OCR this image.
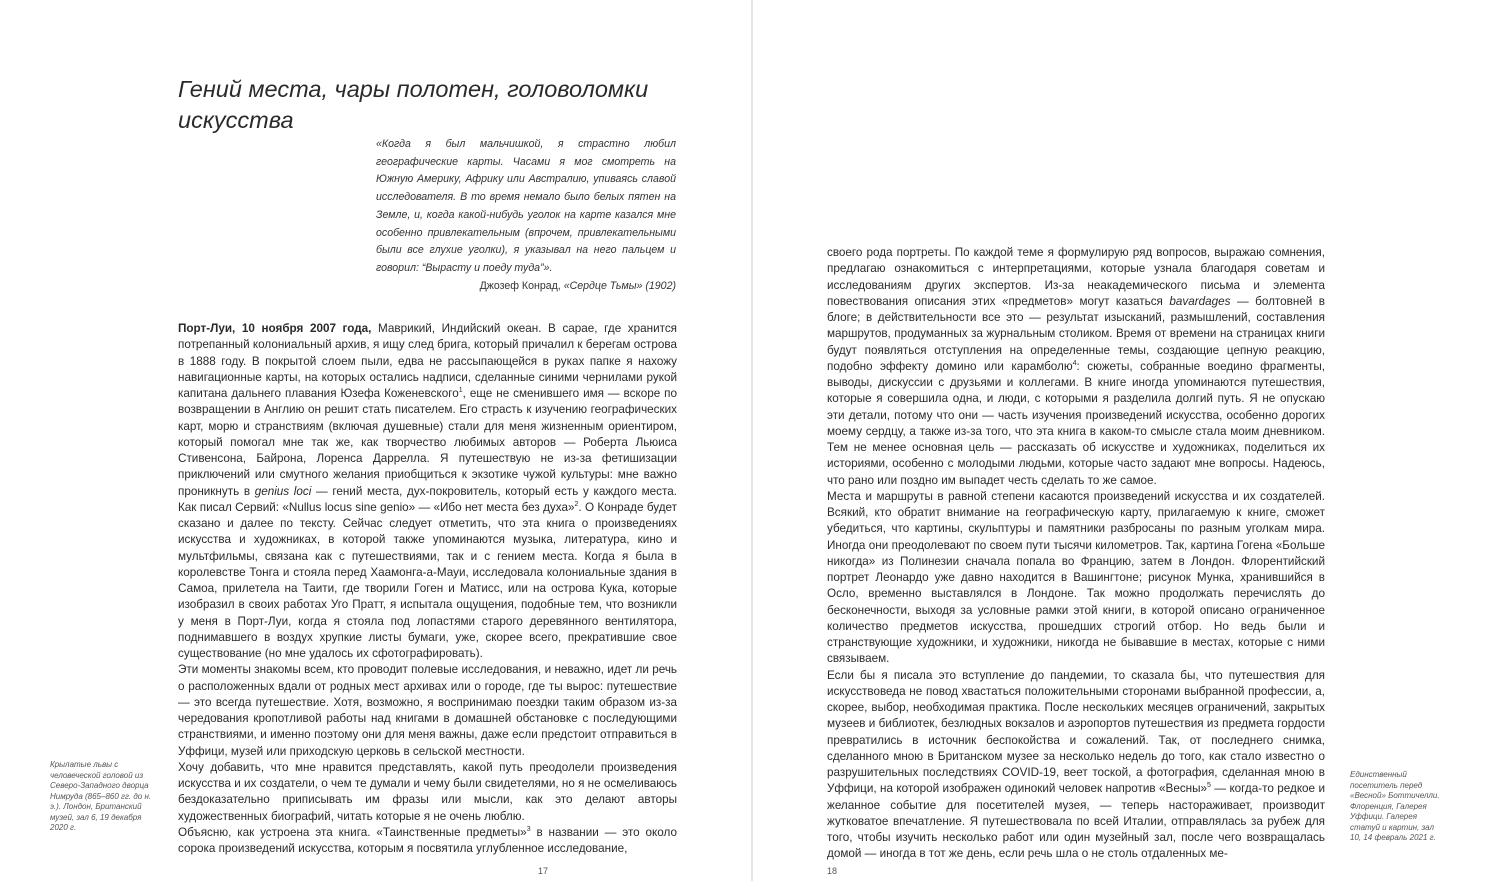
Гений места, чары полотен, головоломки искусства
«Когда я был мальчишкой, я страстно любил географические карты. Часами я мог смотреть на Южную Америку, Африку или Австралию, упиваясь славой исследователя. В то время немало было белых пятен на Земле, и, когда какой-нибудь уголок на карте казался мне особенно привлекательным (впрочем, привлекательными были все глухие уголки), я указывал на него пальцем и говорил: “Вырасту и поеду туда”».
Джозеф Конрад, «Сердце Тьмы» (1902)

Порт-Луи, 10 ноября 2007 года, Маврикий, Индийский океан. В сарае, где хранится потрепанный колониальный архив, я ищу след брига, который причалил к берегам острова в 1888 году. В покрытой слоем пыли, едва не рассыпающейся в руках папке я нахожу навигационные карты, на которых остались надписи, сделанные синими чернилами рукой капитана дальнего плавания Юзефа Коженевского$^1$, еще не сменившего имя — вскоре по возвращении в Англию он решит стать писателем. Его страсть к изучению географических карт, морю и странствиям (включая душевные) стали для меня жизненным ориентиром, который помогал мне так же, как творчество любимых авторов — Роберта Льюиса Стивенсона, Байрона, Лоренса Даррелла. Я путешествую не из-за фетишизации приключений или смутного желания приобщиться к экзотике чужой культуры: мне важно проникнуть в genius loci — гений места, дух-покровитель, который есть у каждого места. Как писал Сервий: «Nullus locus sine genio» — «Ибо нет места без духа»$^2$. О Конраде будет сказано и далее по тексту. Сейчас следует отметить, что эта книга о произведениях искусства и художниках, в которой также упоминаются музыка, литература, кино и мультфильмы, связана как с путешествиями, так и с гением места. Когда я была в королевстве Тонга и стояла перед Хаамонга-а-Мауи, исследовала колониальные здания в Самоа, прилетела на Таити, где творили Гоген и Матисс, или на острова Кука, которые изобразил в своих работах Уго Пратт, я испытала ощущения, подобные тем, что возникли у меня в Порт-Луи, когда я стояла под лопастями старого деревянного вентилятора, поднимавшего в воздух хрупкие листы бумаги, уже, скорее всего, прекратившие свое существование (но мне удалось их сфотографировать).

Эти моменты знакомы всем, кто проводит полевые исследования, и неважно, идет ли речь о расположенных вдали от родных мест архивах или о городе, где ты вырос: путешествие — это всегда путешествие. Хотя, возможно, я воспринимаю поездки таким образом из-за чередования кропотливой работы над книгами в домашней обстановке с последующими странствиями, и именно поэтому они для меня важны, даже если предстоит отправиться в Уффици, музей или приходскую церковь в сельской местности.

Хочу добавить, что мне нравится представлять, какой путь преодолели произведения искусства и их создатели, о чем те думали и чему были свидетелями, но я не осмеливаюсь бездоказательно приписывать им фразы или мысли, как это делают авторы художественных биографий, читать которые я не очень люблю.

Объясню, как устроена эта книга. «Таинственные предметы»$^3$ в названии — это около сорока произведений искусства, которым я посвятила углубленное исследование,

Крылатые львы с человеческой головой из Северо-Западного дворца Нимруда (865–860 гг. до н. э.). Лондон, Британский музей, зал 6, 19 декабря 2020 г.
17

своего рода портреты. По каждой теме я формулирую ряд вопросов, выражаю сомнения, предлагаю ознакомиться с интерпретациями, которые узнала благодаря советам и исследованиям других экспертов. Из-за неакадемического письма и элемента повествования описания этих «предметов» могут казаться bavardages — болтовней в блоге; в действительности все это — результат изысканий, размышлений, составления маршрутов, продуманных за журнальным столиком. Время от времени на страницах книги будут появляться отступления на определенные темы, создающие цепную реакцию, подобно эффекту домино или карамболю$^4$: сюжеты, собранные воедино фрагменты, выводы, дискуссии с друзьями и коллегами. В книге иногда упоминаются путешествия, которые я совершила одна, и люди, с которыми я разделила долгий путь. Я не опускаю эти детали, потому что они — часть изучения произведений искусства, особенно дорогих моему сердцу, а также из-за того, что эта книга в каком-то смысле стала моим дневником. Тем не менее основная цель — рассказать об искусстве и художниках, поделиться их историями, особенно с молодыми людьми, которые часто задают мне вопросы. Надеюсь, что рано или поздно им выпадет честь сделать то же самое.

Места и маршруты в равной степени касаются произведений искусства и их создателей. Всякий, кто обратит внимание на географическую карту, прилагаемую к книге, сможет убедиться, что картины, скульптуры и памятники разбросаны по разным уголкам мира. Иногда они преодолевают по своем пути тысячи километров. Так, картина Гогена «Больше никогда» из Полинезии сначала попала во Францию, затем в Лондон. Флорентийский портрет Леонардо уже давно находится в Вашингтоне; рисунок Мунка, хранившийся в Осло, временно выставлялся в Лондоне. Так можно продолжать перечислять до бесконечности, выходя за условные рамки этой книги, в которой описано ограниченное количество предметов искусства, прошедших строгий отбор. Но ведь были и странствующие художники, и художники, никогда не бывавшие в местах, которые с ними связываем.

Если бы я писала это вступление до пандемии, то сказала бы, что путешествия для искусствоведа не повод хвастаться положительными сторонами выбранной профессии, а, скорее, выбор, необходимая практика. После нескольких месяцев ограничений, закрытых музеев и библиотек, безлюдных вокзалов и аэропортов путешествия из предмета гордости превратились в источник беспокойства и сожалений. Так, от последнего снимка, сделанного мною в Британском музее за несколько недель до того, как стало известно о разрушительных последствиях COVID-19, веет тоской, а фотография, сделанная мною в Уффици, на которой изображен одинокий человек напротив «Весны»$^5$ — когда-то редкое и желанное событие для посетителей музея, — теперь настораживает, производит жутковатое впечатление. Я путешествовала по всей Италии, отправлялась за рубеж для того, чтобы изучить несколько работ или один музейный зал, после чего возвращалась домой — иногда в тот же день, если речь шла о не столь отдаленных ме-

Единственный посетитель перед «Весной» Боттичелли. Флоренция, Галерея Уффици. Галерея статуй и картин, зал 10, 14 февраль 2021 г.
18
